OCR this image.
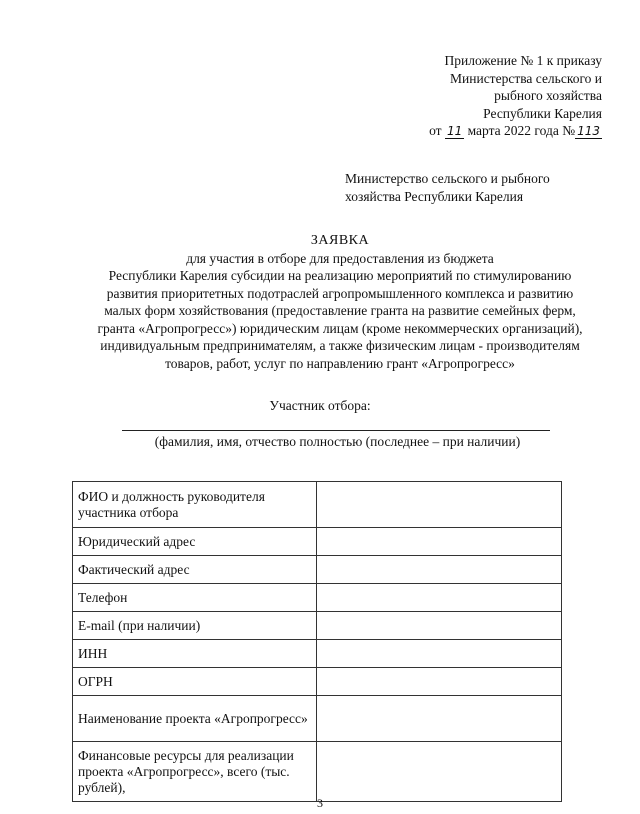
Приложение № 1 к приказу
Министерства сельского и
рыбного хозяйства
Республики Карелия
от 11 марта 2022 года № 113
Министерство сельского и рыбного
хозяйства Республики Карелия
ЗАЯВКА
для участия в отборе для предоставления из бюджета
Республики Карелия субсидии на реализацию мероприятий по стимулированию
развития приоритетных подотраслей агропромышленного комплекса и развитию
малых форм хозяйствования (предоставление гранта на развитие семейных ферм,
гранта «Агропрогресс») юридическим лицам (кроме некоммерческих организаций),
индивидуальным предпринимателям, а также физическим лицам - производителям
товаров, работ, услуг по направлению грант «Агропрогресс»
Участник отбора:
(фамилия, имя, отчество полностью (последнее – при наличии)
ФИО и должность руководителя участника отбора	
Юридический адрес	
Фактический адрес	
Телефон	
E-mail (при наличии)	
ИНН	
ОГРН	
Наименование проекта «Агропрогресс»	
Финансовые ресурсы для реализации проекта «Агропрогресс», всего (тыс. рублей),	
3
